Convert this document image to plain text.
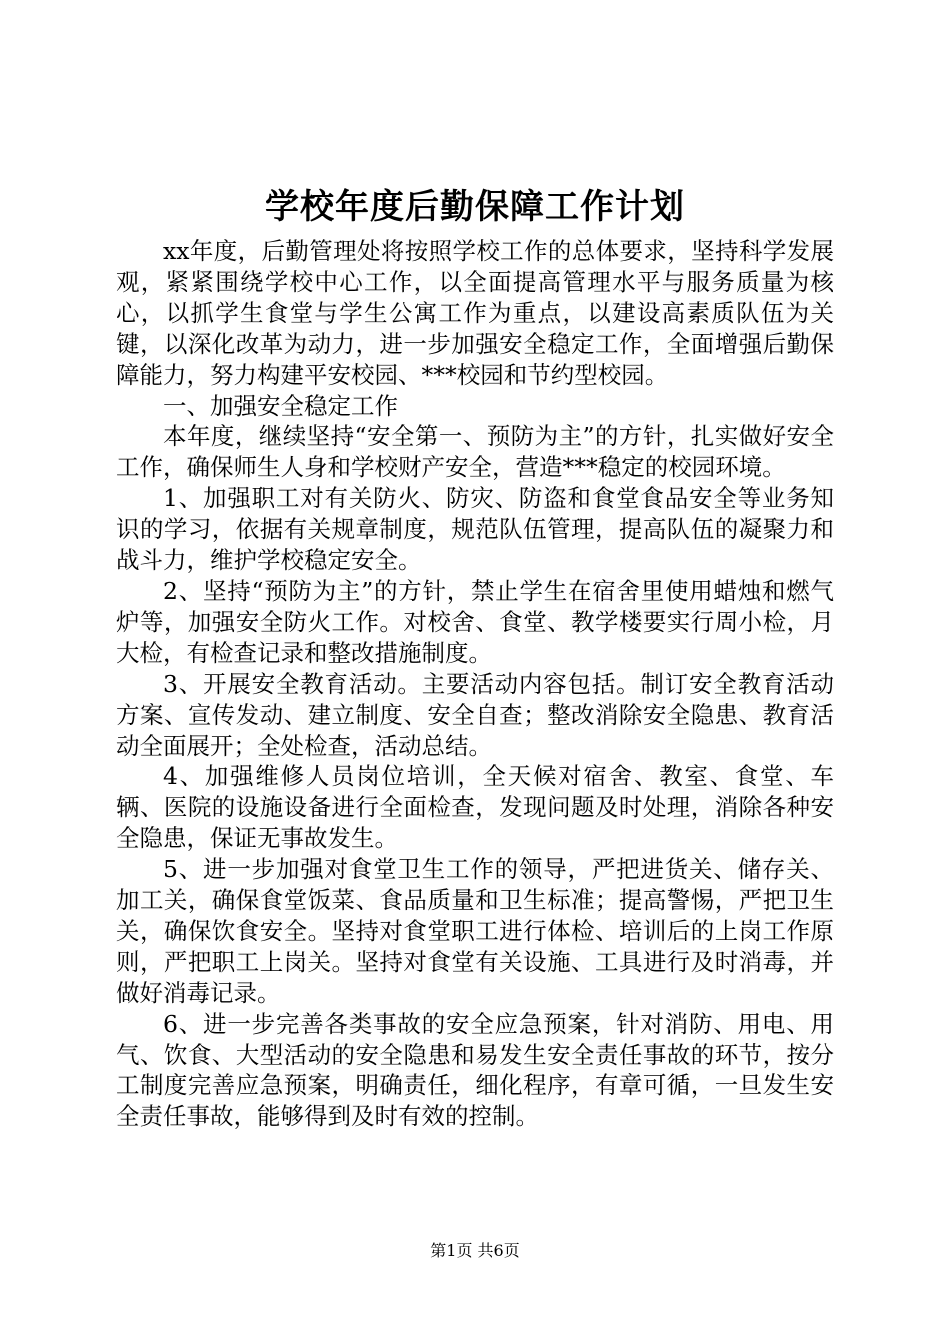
学校年度后勤保障工作计划

xx年度，后勤管理处将按照学校工作的总体要求，坚持科学发展观，紧紧围绕学校中心工作，以全面提高管理水平与服务质量为核心，以抓学生食堂与学生公寓工作为重点，以建设高素质队伍为关键，以深化改革为动力，进一步加强安全稳定工作，全面增强后勤保障能力，努力构建平安校园、***校园和节约型校园。

一、加强安全稳定工作

本年度，继续坚持“安全第一、预防为主”的方针，扎实做好安全工作，确保师生人身和学校财产安全，营造***稳定的校园环境。

1、加强职工对有关防火、防灾、防盗和食堂食品安全等业务知识的学习，依据有关规章制度，规范队伍管理，提高队伍的凝聚力和战斗力，维护学校稳定安全。

2、坚持“预防为主”的方针，禁止学生在宿舍里使用蜡烛和燃气炉等，加强安全防火工作。对校舍、食堂、教学楼要实行周小检，月大检，有检查记录和整改措施制度。

3、开展安全教育活动。主要活动内容包括。制订安全教育活动方案、宣传发动、建立制度、安全自查；整改消除安全隐患、教育活动全面展开；全处检查，活动总结。

4、加强维修人员岗位培训，全天候对宿舍、教室、食堂、车辆、医院的设施设备进行全面检查，发现问题及时处理，消除各种安全隐患，保证无事故发生。

5、进一步加强对食堂卫生工作的领导，严把进货关、储存关、加工关，确保食堂饭菜、食品质量和卫生标准；提高警惕，严把卫生关，确保饮食安全。坚持对食堂职工进行体检、培训后的上岗工作原则，严把职工上岗关。坚持对食堂有关设施、工具进行及时消毒，并做好消毒记录。

6、进一步完善各类事故的安全应急预案，针对消防、用电、用气、饮食、大型活动的安全隐患和易发生安全责任事故的环节，按分工制度完善应急预案，明确责任，细化程序，有章可循，一旦发生安全责任事故，能够得到及时有效的控制。

第1页 共6页
